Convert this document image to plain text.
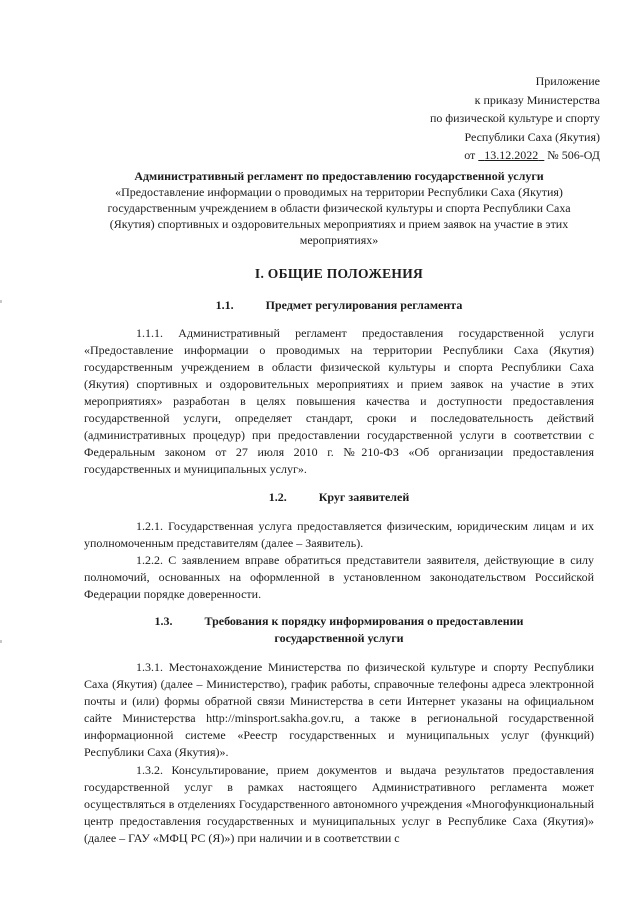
Приложение
к приказу Министерства
по физической культуре и спорту
Республики Саха (Якутия)
от 13.12.2022 № 506-ОД
Административный регламент по предоставлению государственной услуги
«Предоставление информации о проводимых на территории Республики Саха (Якутия) государственным учреждением в области физической культуры и спорта Республики Саха (Якутия) спортивных и оздоровительных мероприятиях и прием заявок на участие в этих мероприятиях»
I. ОБЩИЕ ПОЛОЖЕНИЯ
1.1.	Предмет регулирования регламента

1.1.1. Административный регламент предоставления государственной услуги «Предоставление информации о проводимых на территории Республики Саха (Якутия) государственным учреждением в области физической культуры и спорта Республики Саха (Якутия) спортивных и оздоровительных мероприятиях и прием заявок на участие в этих мероприятиях» разработан в целях повышения качества и доступности предоставления государственной услуги, определяет стандарт, сроки и последовательность действий (административных процедур) при предоставлении государственной услуги в соответствии с Федеральным законом от 27 июля 2010 г. №210-ФЗ «Об организации предоставления государственных и муниципальных услуг».

1.2.	Круг заявителей

1.2.1. Государственная услуга предоставляется физическим, юридическим лицам и их уполномоченным представителям (далее – Заявитель).

1.2.2. С заявлением вправе обратиться представители заявителя, действующие в силу полномочий, основанных на оформленной в установленном законодательством Российской Федерации порядке доверенности.

1.3.	Требования к порядку информирования о предоставлении
государственной услуги

1.3.1. Местонахождение Министерства по физической культуре и спорту Республики Саха (Якутия) (далее – Министерство), график работы, справочные телефоны адреса электронной почты и (или) формы обратной связи Министерства в сети Интернет указаны на официальном сайте Министерства http://minsport.sakha.gov.ru, а также в региональной государственной информационной системе «Реестр государственных и муниципальных услуг (функций) Республики Саха (Якутия)».

1.3.2. Консультирование, прием документов и выдача результатов предоставления государственной услуг в рамках настоящего Административного регламента может осуществляться в отделениях Государственного автономного учреждения «Многофункциональный центр предоставления государственных и муниципальных услуг в Республике Саха (Якутия)» (далее – ГАУ «МФЦ РС (Я)») при наличии и в соответствии с
